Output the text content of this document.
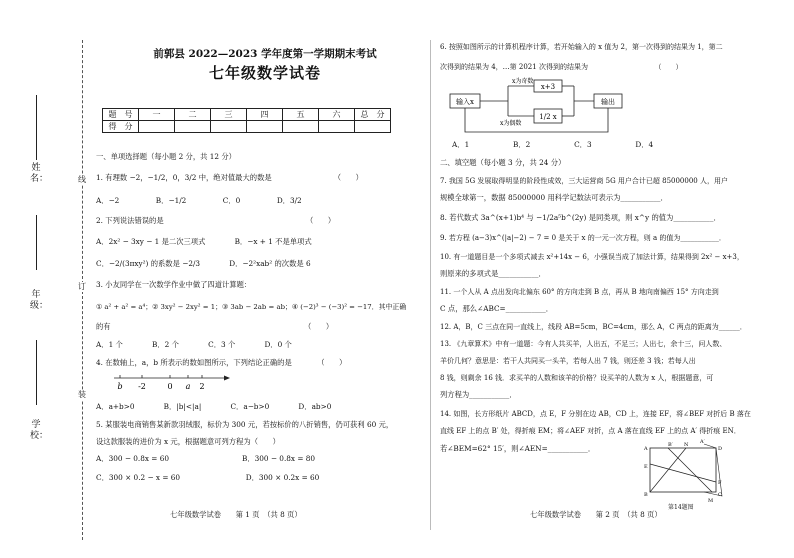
姓名：
年级：
学校：
线
订
装
前郭县 2022—2023 学年度第一学期期末考试
七年级数学试卷
题　号	一	二	三	四	五	六	总　分
得　分							
一、单项选择题（每小题 2 分，共 12 分）
1. 有理数 −2，−1/2，0，3/2 中，绝对值最大的数是　　　　　　　　　（　　）
A．−2　　　　　B．−1/2　　　　　C．0　　　　　D．3/2
2. 下列说法错误的是　　　　　　　　　　　　　　　　　　　　（　　）
A．2x² − 3xy − 1 是二次三项式　　　　B．−x + 1 不是单项式
C．−2/(3πxy²) 的系数是 −2/3　　　　D．−2²xab² 的次数是 6
3. 小友同学在一次数学作业中做了四道计算题：
① a² + a² = a⁴；② 3xy² − 2xy² = 1；③ 3ab − 2ab = ab；④ (−2)³ − (−3)² = −17．其中正确
的有　　　　　　　　　　　　　　　　　　　　　　　　　　　（　　）
A．1 个　　　　B．2 个　　　　C．3 个　　　　D．0 个
4. 在数轴上，a，b 所表示的数如图所示，下列结论正确的是　　　　（　　）
b -2	0 a 2
A．a+b>0　　　　B．|b|<|a|　　　　C．a−b>0　　　　D．ab>0
5. 某服装电商销售某新款羽绒服，标价为 300 元，若按标价的八折销售，仍可获利 60 元，
设这款服装的进价为 x 元，根据题意可列方程为（　　）
A．300 − 0.8x = 60　　　　　　　　　　B．300 − 0.8x = 80
C．300 × 0.2 − x = 60　　　　　　　　　D．300 × 0.2x = 60
七年级数学试卷　　第 1 页　（共 8 页）
6. 按照如图所示的计算机程序计算，若开始输入的 x 值为 2，第一次得到的结果为 1，第二
次得到的结果为 4，…第 2021 次得到的结果为　　　　　　　　　　（　　）
输入x
x为奇数
x为偶数
x+3
1/2 x
输出
A．1　　　　　　B．2　　　　　　C．3　　　　　　D．4
二、填空题（每小题 3 分，共 24 分）
7. 我国 5G 发展取得明显的阶段性成效，三大运营商 5G 用户合计已超 85000000 人，用户
规模全球第一，数据 85000000 用科学记数法可表示为___________．
8. 若代数式 3a^(x+1)b⁴ 与 −1/2a⁵b^(2y) 是同类项，则 x^y 的值为___________．
9. 若方程 (a−3)x^(|a|−2) − 7 = 0 是关于 x 的一元一次方程，则 a 的值为___________．
10. 有一道题目是一个多项式减去 x²+14x − 6，小强误当成了加法计算，结果得到 2x² − x+3，
则原来的多项式是___________．
11. 一个人从 A 点出发向北偏东 60° 的方向走到 B 点，再从 B 地向南偏西 15° 方向走到
C 点，那么∠ABC=___________．
12. A，B，C 三点在同一直线上，线段 AB=5cm，BC=4cm，那么 A，C 两点的距离为______．
13. 《九章算术》中有一道题：今有人共买羊，人出五，不足三；人出七，余十三，问人数、
羊价几何？意思是：若干人共同买一头羊，若每人出 7 钱，则还差 3 钱；若每人出
8 钱，则剩余 16 钱．求买羊的人数和该羊的价格？设买羊的人数为 x 人，根据题意，可
列方程为___________．
14. 如图，长方形纸片 ABCD，点 E，F 分别在边 AB，CD 上，连接 EF，将∠BEF 对折后 B 落在
直线 EF 上的点 B′ 处，得折痕 EM；将∠AEF 对折，点 A 落在直线 EF 上的点 A′ 得折痕 EN．
若∠BEM=62° 15′，则∠AEN=___________．	A
B	C
D
E
F
M
N A′
B′
第14题图
七年级数学试卷　　第 2 页　（共 8 页）
